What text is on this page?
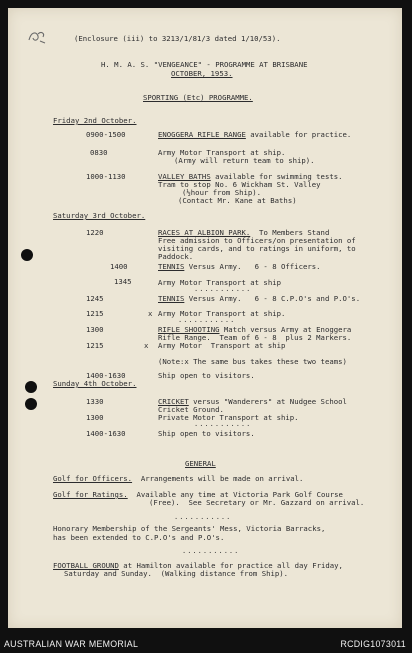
(Enclosure (iii) to 3213/1/81/3 dated 1/10/53).
H. M. A. S. "VENGEANCE" - PROGRAMME AT BRISBANE
OCTOBER, 1953.
SPORTING (Etc) PROGRAMME.
Friday 2nd October.
0900-1500	ENOGGERA RIFLE RANGE available for practice.
0830	Army Motor Transport at ship.
(Army will return team to ship).
1000-1130	VALLEY BATHS available for swimming tests.
Tram to stop No. 6 Wickham St. Valley
(½hour from Ship).
(Contact Mr. Kane at Baths)
Saturday 3rd October.
1220	RACES AT ALBION PARK.  To Members Stand
Free admission to Officers/on presentation of
visiting cards, and to ratings in uniform, to
Paddock.
1400	TENNIS Versus Army.   6 - 8 Officers.
1345	Army Motor Transport at ship
...........
1245	TENNIS Versus Army.   6 - 8 C.P.O's and P.O's.
1215	x Army Motor Transport at ship.
...........
1300	RIFLE SHOOTING Match versus Army at Enoggera
Rifle Range.  Team of 6 - 8  plus 2 Markers.
1215	x Army Motor  Transport at ship
(Note:x The same bus takes these two teams)
1400-1630	Ship open to visitors.
Sunday 4th October.
1330	CRICKET versus "Wanderers" at Nudgee School
Cricket Ground.
1300	Private Motor Transport at ship.
...........
1400-1630	Ship open to visitors.
GENERAL
Golf for Officers.  Arrangements will be made on arrival.
Golf for Ratings.  Available any time at Victoria Park Golf Course
(Free).  See Secretary or Mr. Gazzard on arrival.
...........
Honorary Membership of the Sergeants' Mess, Victoria Barracks,
has been extended to C.P.O's and P.O's.
...........
FOOTBALL GROUND at Hamilton available for practice all day Friday,
Saturday and Sunday.  (Walking distance from Ship).
AUSTRALIAN WAR MEMORIAL	RCDIG1073011
